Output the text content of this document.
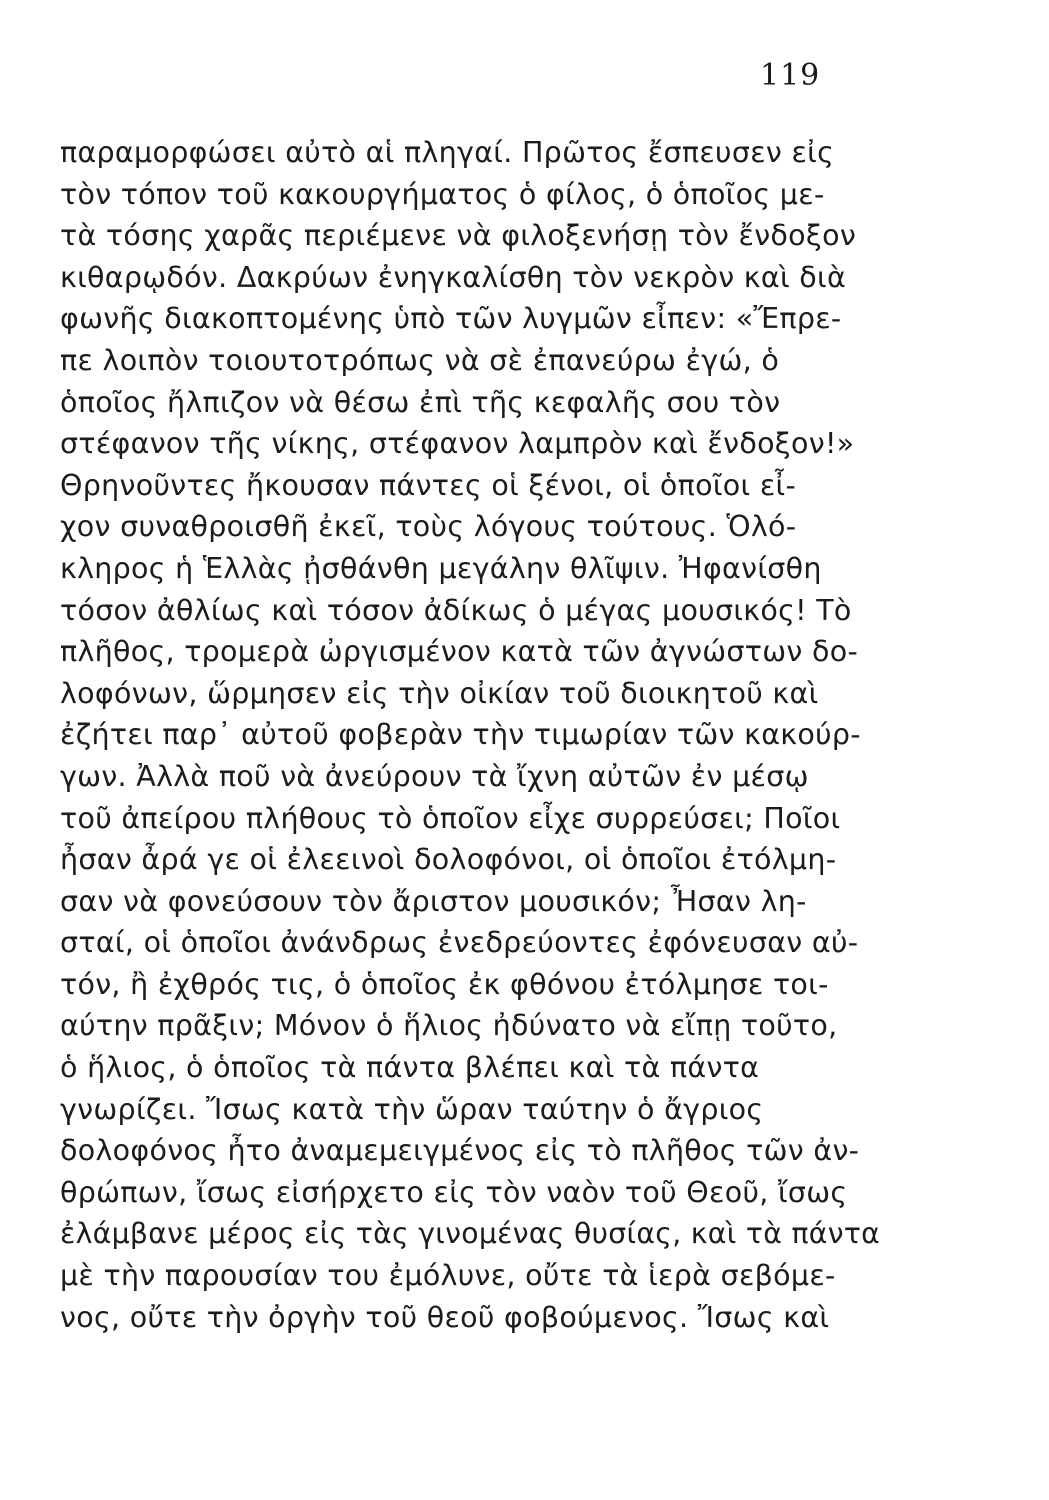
119
παραμορφώσει αὐτὸ αἱ πληγαί. Πρῶτος ἔσπευσεν εἰς
τὸν τόπον τοῦ κακουργήματος ὁ φίλος, ὁ ὁποῖος με-
τὰ τόσης χαρᾶς περιέμενε νὰ φιλοξενήσῃ τὸν ἔνδοξον
κιθαρῳδόν. Δακρύων ἐνηγκαλίσθη τὸν νεκρὸν καὶ διὰ
φωνῆς διακοπτομένης ὑπὸ τῶν λυγμῶν εἶπεν: «Ἔπρε-
πε λοιπὸν τοιουτοτρόπως νὰ σὲ ἐπανεύρω ἐγώ, ὁ
ὁποῖος ἤλπιζον νὰ θέσω ἐπὶ τῆς κεφαλῆς σου τὸν
στέφανον τῆς νίκης, στέφανον λαμπρὸν καὶ ἔνδοξον!»
Θρηνοῦντες ἤκουσαν πάντες οἱ ξένοι, οἱ ὁποῖοι εἶ-
χον συναθροισθῆ ἐκεῖ, τοὺς λόγους τούτους. Ὁλό-
κληρος ἡ Ἑλλὰς ᾐσθάνθη μεγάλην θλῖψιν. Ἠφανίσθη
τόσον ἀθλίως καὶ τόσον ἀδίκως ὁ μέγας μουσικός! Τὸ
πλῆθος, τρομερὰ ὠργισμένον κατὰ τῶν ἀγνώστων δο-
λοφόνων, ὥρμησεν εἰς τὴν οἰκίαν τοῦ διοικητοῦ καὶ
ἐζήτει παρ᾽ αὐτοῦ φοβερὰν τὴν τιμωρίαν τῶν κακούρ-
γων. Ἀλλὰ ποῦ νὰ ἀνεύρουν τὰ ἴχνη αὐτῶν ἐν μέσῳ
τοῦ ἀπείρου πλήθους τὸ ὁποῖον εἶχε συρρεύσει; Ποῖοι
ἦσαν ἆρά γε οἱ ἐλεεινοὶ δολοφόνοι, οἱ ὁποῖοι ἐτόλμη-
σαν νὰ φονεύσουν τὸν ἄριστον μουσικόν; Ἦσαν λη-
σταί, οἱ ὁποῖοι ἀνάνδρως ἐνεδρεύοντες ἐφόνευσαν αὐ-
τόν, ἢ ἐχθρός τις, ὁ ὁποῖος ἐκ φθόνου ἐτόλμησε τοι-
αύτην πρᾶξιν; Μόνον ὁ ἥλιος ἠδύνατο νὰ εἴπῃ τοῦτο,
ὁ ἥλιος, ὁ ὁποῖος τὰ πάντα βλέπει καὶ τὰ πάντα
γνωρίζει. Ἴσως κατὰ τὴν ὥραν ταύτην ὁ ἄγριος
δολοφόνος ἦτο ἀναμεμειγμένος εἰς τὸ πλῆθος τῶν ἀν-
θρώπων, ἴσως εἰσήρχετο εἰς τὸν ναὸν τοῦ Θεοῦ, ἴσως
ἐλάμβανε μέρος εἰς τὰς γινομένας θυσίας, καὶ τὰ πάντα
μὲ τὴν παρουσίαν του ἐμόλυνε, οὔτε τὰ ἱερὰ σεβόμε-
νος, οὔτε τὴν ὀργὴν τοῦ θεοῦ φοβούμενος. Ἴσως καὶ
